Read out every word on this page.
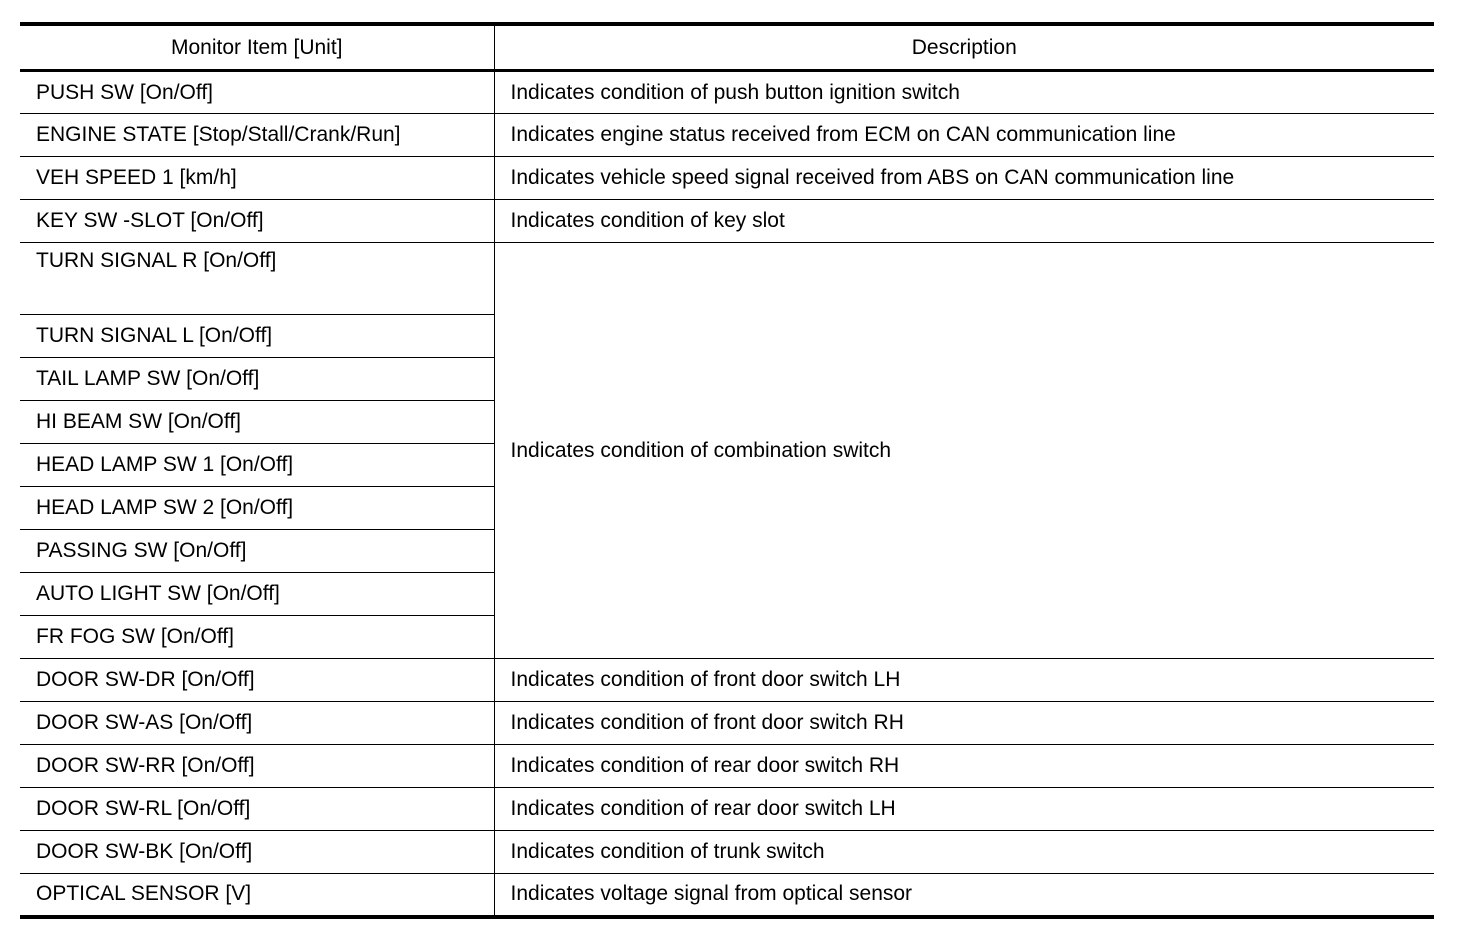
Monitor Item [Unit]	Description
PUSH SW [On/Off]	Indicates condition of push button ignition switch
ENGINE STATE [Stop/Stall/Crank/Run]	Indicates engine status received from ECM on CAN communication line
VEH SPEED 1 [km/h]	Indicates vehicle speed signal received from ABS on CAN communication line
KEY SW -SLOT [On/Off]	Indicates condition of key slot
TURN SIGNAL R [On/Off]	Indicates condition of combination switch
TURN SIGNAL L [On/Off]	
TAIL LAMP SW [On/Off]	
HI BEAM SW [On/Off]	
HEAD LAMP SW 1 [On/Off]	
HEAD LAMP SW 2 [On/Off]	
PASSING SW [On/Off]	
AUTO LIGHT SW [On/Off]	
FR FOG SW [On/Off]	
DOOR SW-DR [On/Off]	Indicates condition of front door switch LH
DOOR SW-AS [On/Off]	Indicates condition of front door switch RH
DOOR SW-RR [On/Off]	Indicates condition of rear door switch RH
DOOR SW-RL [On/Off]	Indicates condition of rear door switch LH
DOOR SW-BK [On/Off]	Indicates condition of trunk switch
OPTICAL SENSOR [V]	Indicates voltage signal from optical sensor
